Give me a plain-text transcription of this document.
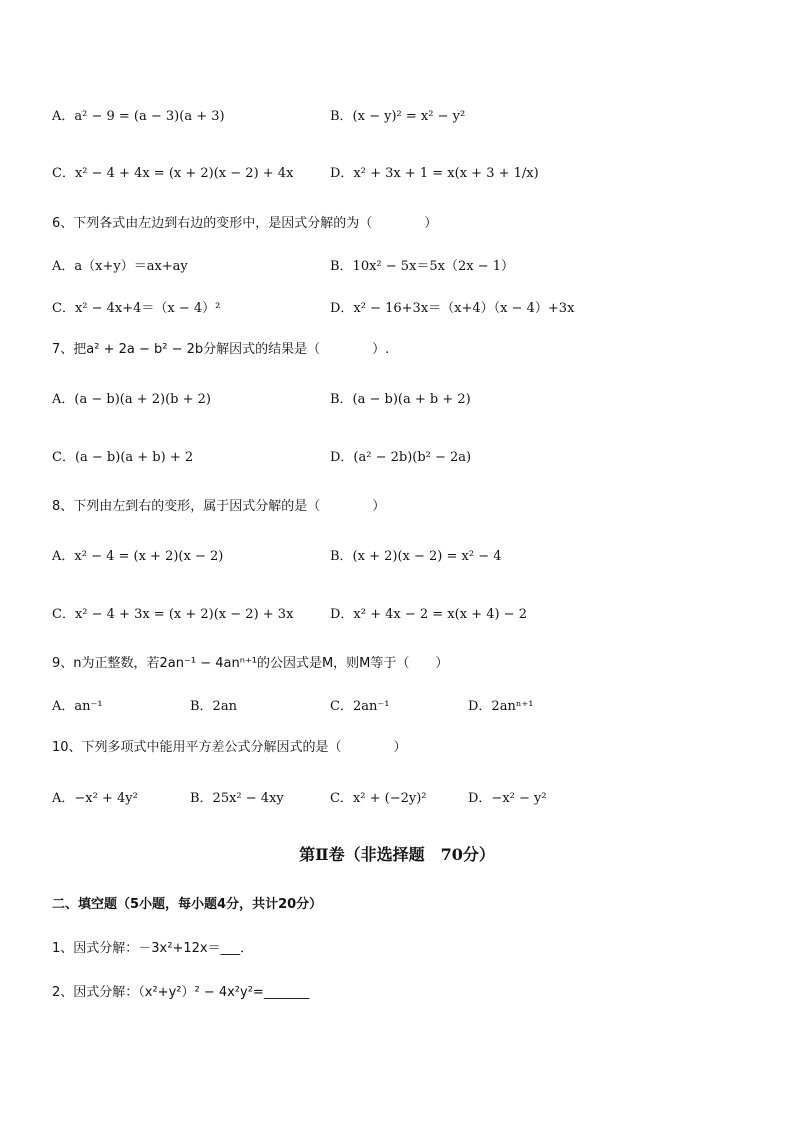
A．a² − 9 = (a − 3)(a + 3)	B．(x − y)² = x² − y²
C．x² − 4 + 4x = (x + 2)(x − 2) + 4x	D．x² + 3x + 1 = x(x + 3 + 1/x)
6、下列各式由左边到右边的变形中，是因式分解的为（　　　　）
A．a（x+y）＝ax+ay	B．10x² − 5x＝5x（2x − 1）
C．x² − 4x+4＝（x − 4）²	D．x² − 16+3x＝（x+4）（x − 4）+3x
7、把a² + 2a − b² − 2b分解因式的结果是（　　　　）.
A．(a − b)(a + 2)(b + 2)	B．(a − b)(a + b + 2)
C．(a − b)(a + b) + 2	D．(a² − 2b)(b² − 2a)
8、下列由左到右的变形，属于因式分解的是（　　　　）
A．x² − 4 = (x + 2)(x − 2)	B．(x + 2)(x − 2) = x² − 4
C．x² − 4 + 3x = (x + 2)(x − 2) + 3x	D．x² + 4x − 2 = x(x + 4) − 2
9、n为正整数，若2an⁻¹ − 4anⁿ⁺¹的公因式是M，则M等于（　　）
A．an⁻¹	B．2an	C．2an⁻¹	D．2anⁿ⁺¹
10、下列多项式中能用平方差公式分解因式的是（　　　　）
A．−x² + 4y²	B．25x² − 4xy	C．x² + (−2y)²	D．−x² − y²
第Ⅱ卷（非选择题　70分）
二、填空题（5小题，每小题4分，共计20分）
1、因式分解：－3x²+12x＝___．
2、因式分解：（x²+y²）² − 4x²y²=_______
